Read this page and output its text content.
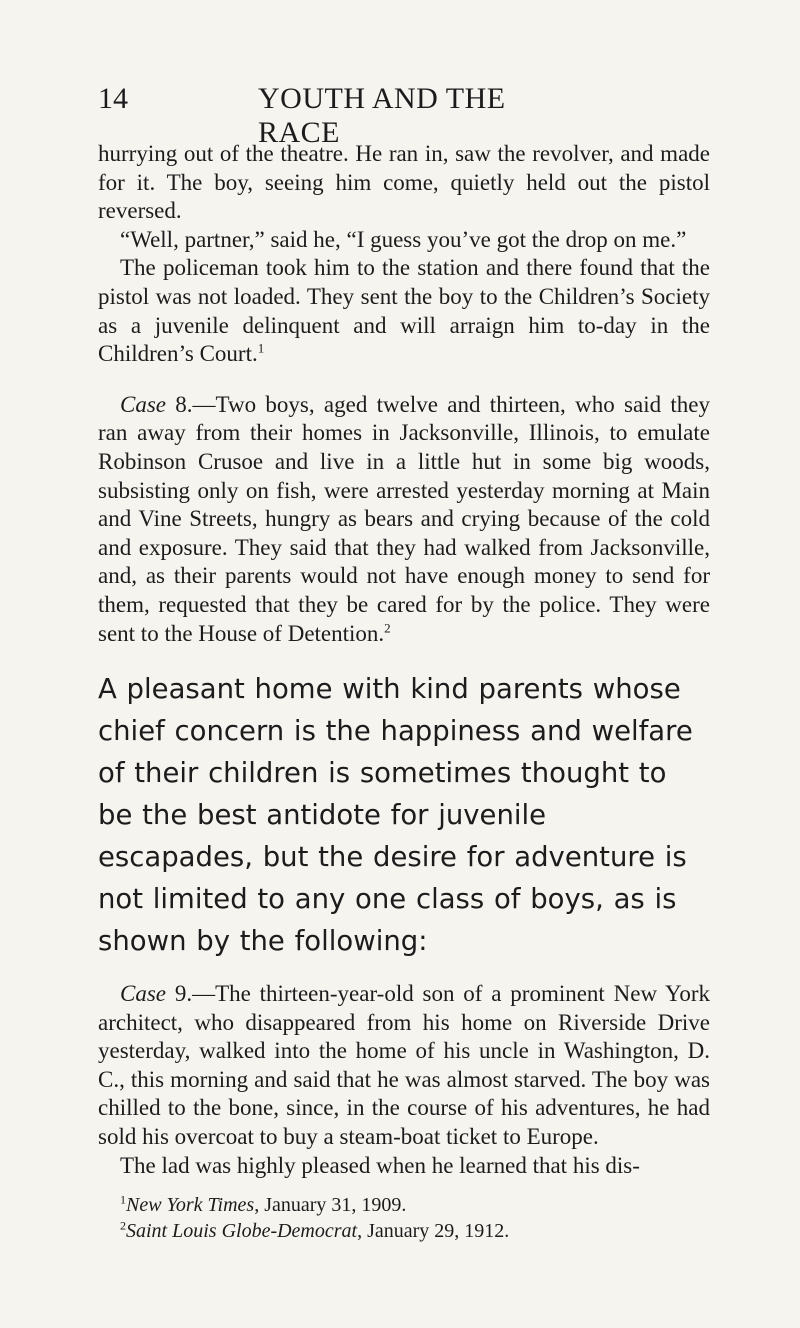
14	YOUTH AND THE RACE

hurrying out of the theatre. He ran in, saw the revolver, and made for it. The boy, seeing him come, quietly held out the pistol reversed.

“Well, partner,” said he, “I guess you’ve got the drop on me.”

The policeman took him to the station and there found that the pistol was not loaded. They sent the boy to the Children’s Society as a juvenile delinquent and will arraign him to-day in the Children’s Court.$^1$

Case 8.—Two boys, aged twelve and thirteen, who said they ran away from their homes in Jacksonville, Illinois, to emulate Robinson Crusoe and live in a little hut in some big woods, subsisting only on fish, were arrested yesterday morning at Main and Vine Streets, hungry as bears and crying because of the cold and exposure. They said that they had walked from Jacksonville, and, as their parents would not have enough money to send for them, requested that they be cared for by the police. They were sent to the House of Detention.$^2$

A pleasant home with kind parents whose chief concern is the happiness and welfare of their children is sometimes thought to be the best antidote for juvenile escapades, but the desire for adventure is not limited to any one class of boys, as is shown by the following:

Case 9.—The thirteen-year-old son of a prominent New York architect, who disappeared from his home on Riverside Drive yesterday, walked into the home of his uncle in Washington, D. C., this morning and said that he was almost starved. The boy was chilled to the bone, since, in the course of his adventures, he had sold his overcoat to buy a steam-boat ticket to Europe.

The lad was highly pleased when he learned that his dis-

$^1$New York Times, January 31, 1909.

$^2$Saint Louis Globe-Democrat, January 29, 1912.
